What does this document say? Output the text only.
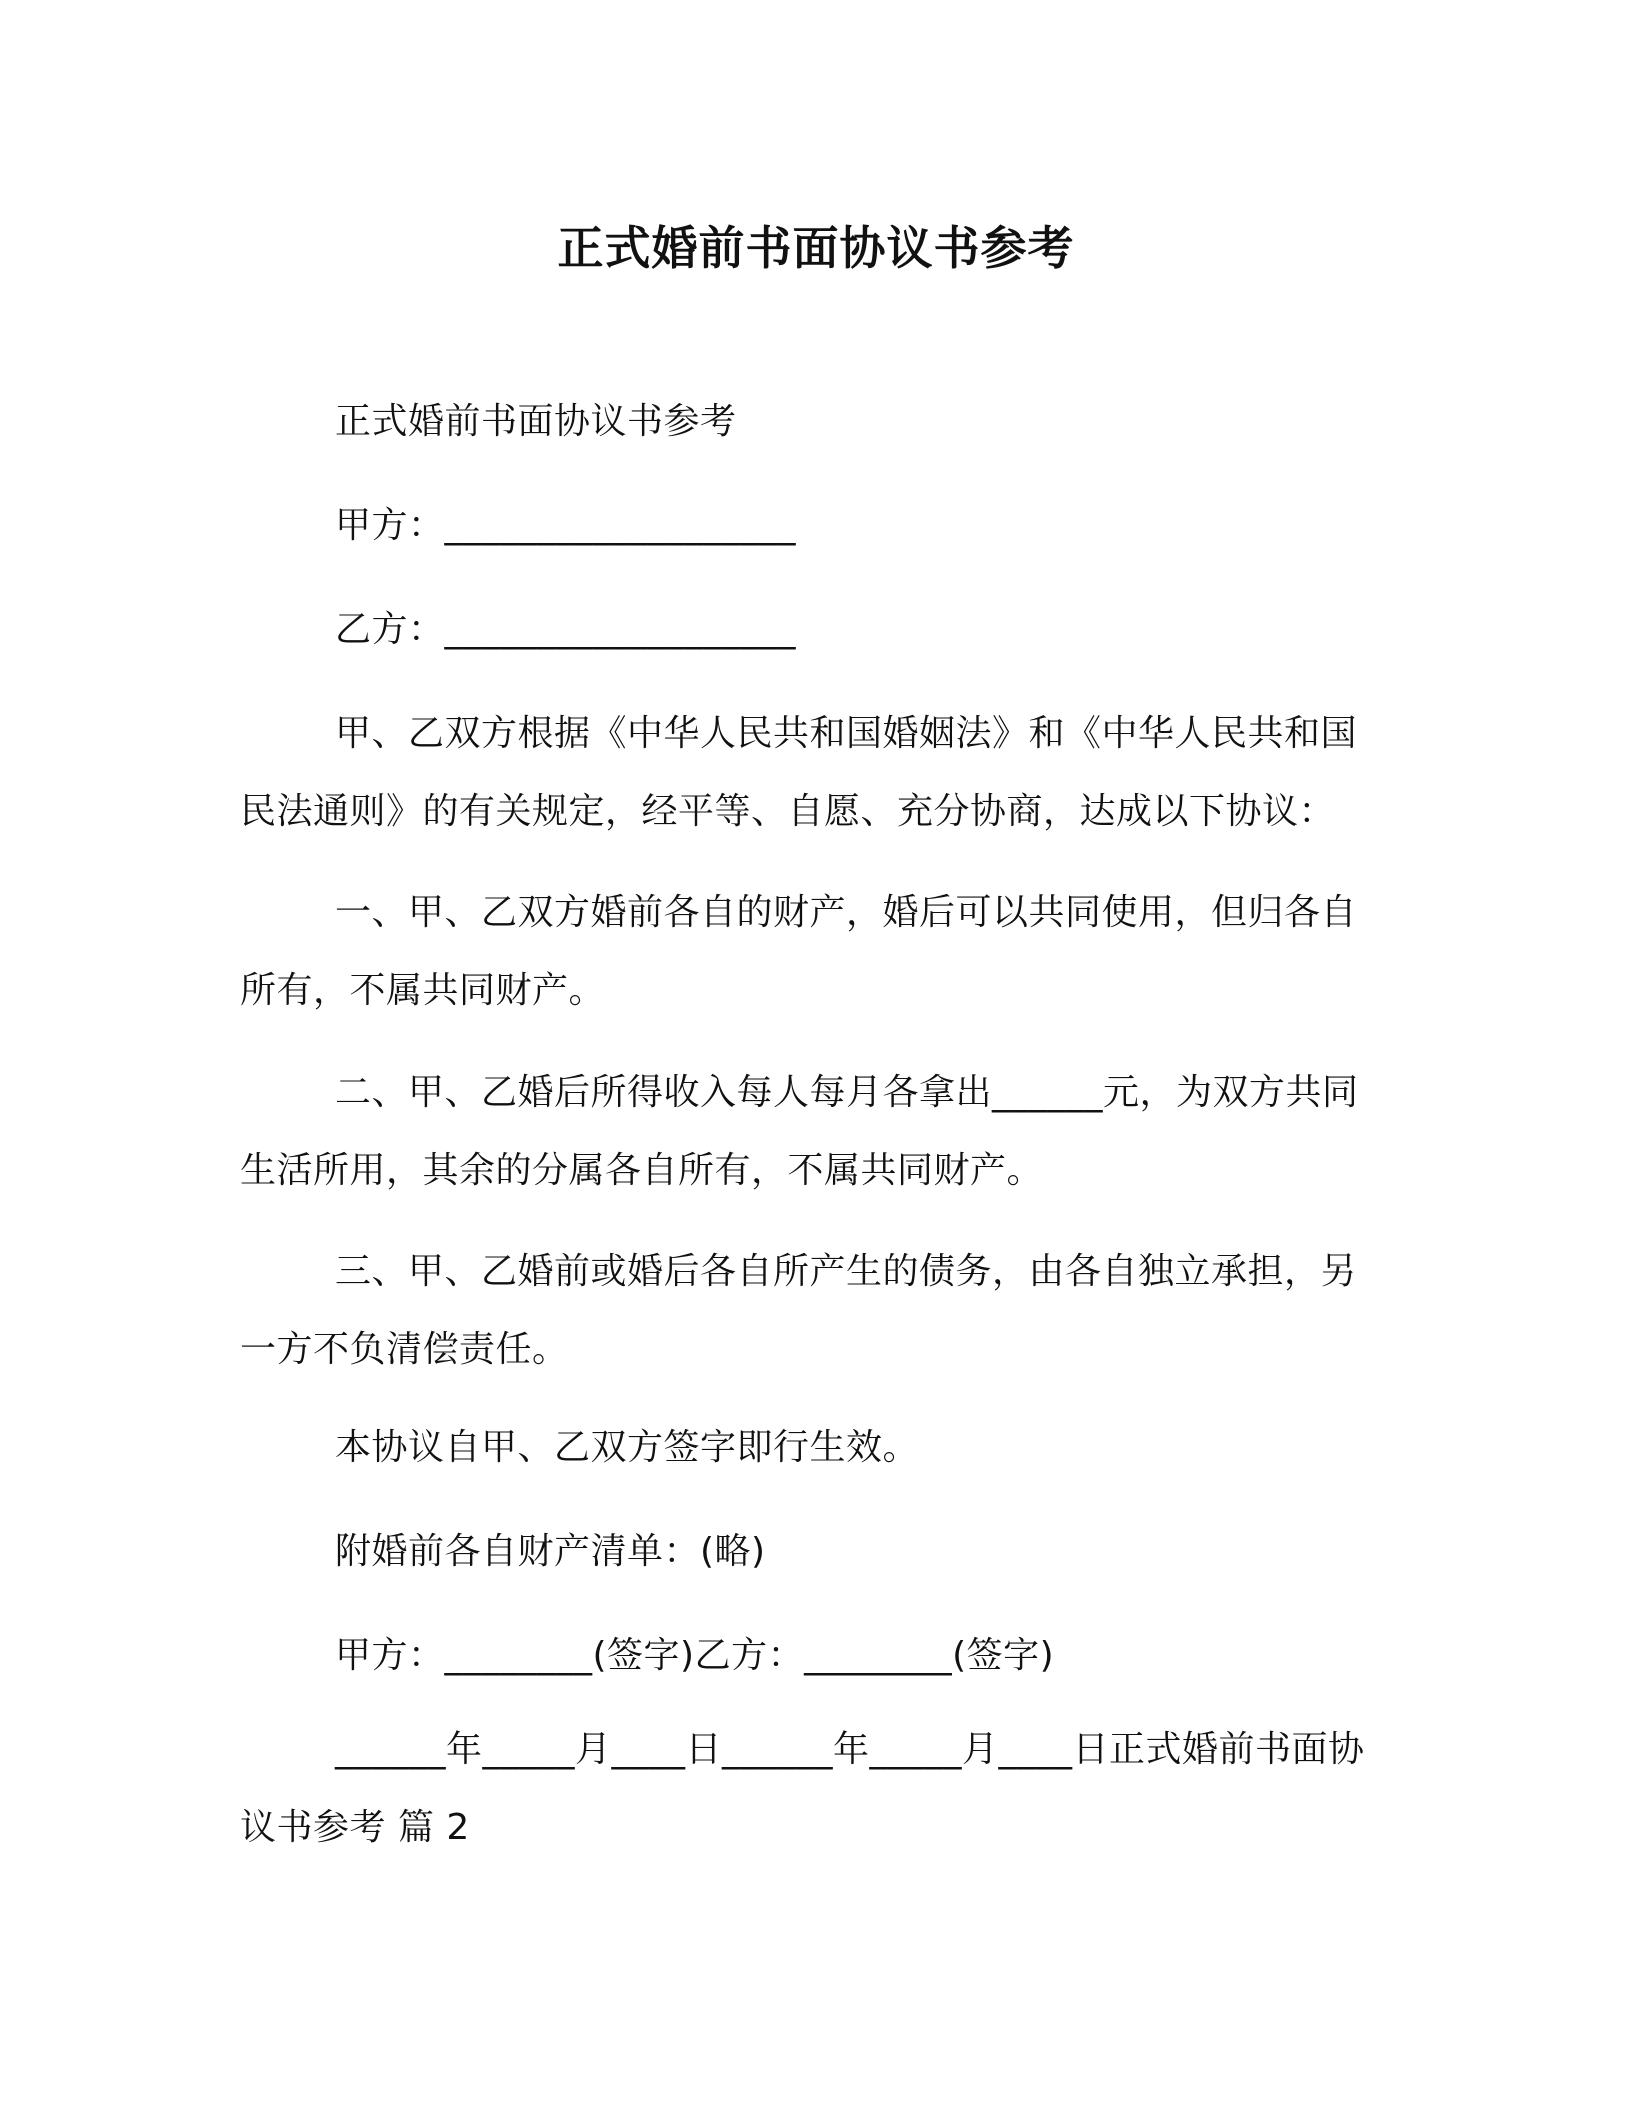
正式婚前书面协议书参考
正式婚前书面协议书参考
甲方：___________________
乙方：___________________
甲、乙双方根据《中华人民共和国婚姻法》和《中华人民共和国民法通则》的有关规定，经平等、自愿、充分协商，达成以下协议：
一、甲、乙双方婚前各自的财产，婚后可以共同使用，但归各自所有，不属共同财产。
二、甲、乙婚后所得收入每人每月各拿出______元，为双方共同生活所用，其余的分属各自所有，不属共同财产。
三、甲、乙婚前或婚后各自所产生的债务，由各自独立承担，另一方不负清偿责任。
本协议自甲、乙双方签字即行生效。
附婚前各自财产清单：(略)
甲方：________(签字)乙方：________(签字)
______年_____月____日______年_____月____日正式婚前书面协议书参考 篇 2
